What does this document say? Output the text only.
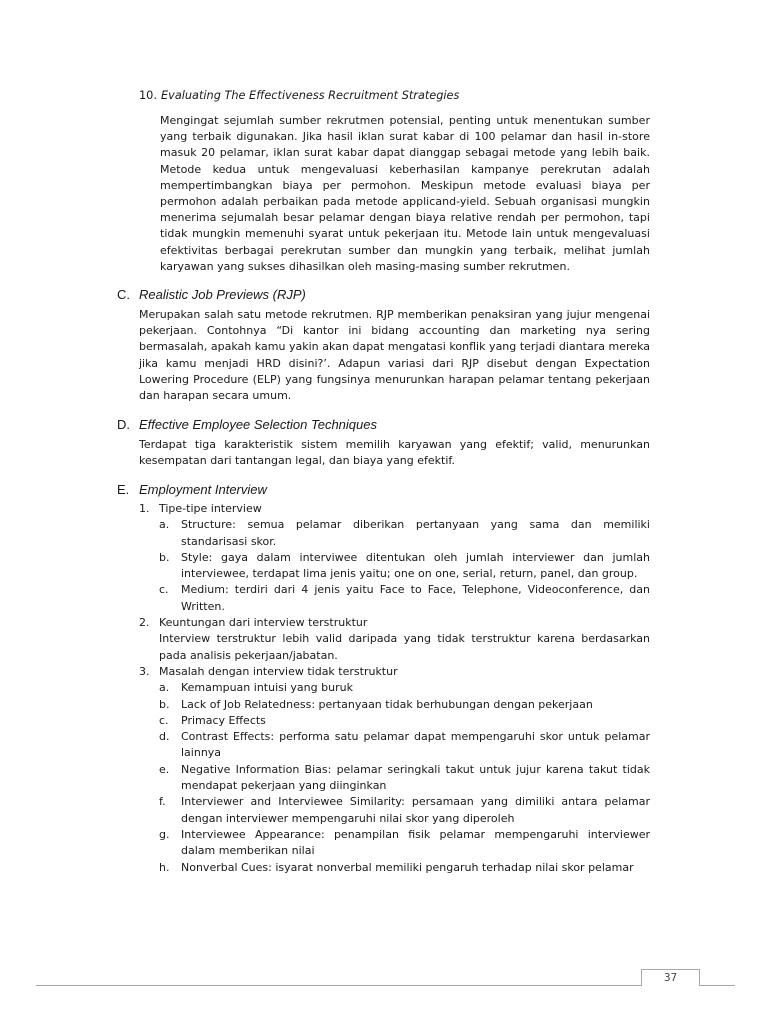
10. Evaluating The Effectiveness Recruitment Strategies
Mengingat sejumlah sumber rekrutmen potensial, penting untuk menentukan sumber yang terbaik digunakan. Jika hasil iklan surat kabar di 100 pelamar dan hasil in-store masuk 20 pelamar, iklan surat kabar dapat dianggap sebagai metode yang lebih baik. Metode kedua untuk mengevaluasi keberhasilan kampanye perekrutan adalah mempertimbangkan biaya per permohon. Meskipun metode evaluasi biaya per permohon adalah perbaikan pada metode applicand-yield. Sebuah organisasi mungkin menerima sejumalah besar pelamar dengan biaya relative rendah per permohon, tapi tidak mungkin memenuhi syarat untuk pekerjaan itu. Metode lain untuk mengevaluasi efektivitas berbagai perekrutan sumber dan mungkin yang terbaik, melihat jumlah karyawan yang sukses dihasilkan oleh masing-masing sumber rekrutmen.
C. Realistic Job Previews (RJP)
Merupakan salah satu metode rekrutmen. RJP memberikan penaksiran yang jujur mengenai pekerjaan. Contohnya “Di kantor ini bidang accounting dan marketing nya sering bermasalah, apakah kamu yakin akan dapat mengatasi konflik yang terjadi diantara mereka jika kamu menjadi HRD disini?’. Adapun variasi dari RJP disebut dengan Expectation Lowering Procedure (ELP) yang fungsinya menurunkan harapan pelamar tentang pekerjaan dan harapan secara umum.
D. Effective Employee Selection Techniques
Terdapat tiga karakteristik sistem memilih karyawan yang efektif; valid, menurunkan kesempatan dari tantangan legal, dan biaya yang efektif.
E. Employment Interview
1. Tipe-tipe interview
a. Structure: semua pelamar diberikan pertanyaan yang sama dan memiliki standarisasi skor.
b. Style: gaya dalam interviwee ditentukan oleh jumlah interviewer dan jumlah interviewee, terdapat lima jenis yaitu; one on one, serial, return, panel, dan group.
c. Medium: terdiri dari 4 jenis yaitu Face to Face, Telephone, Videoconference, dan Written.
2. Keuntungan dari interview terstruktur
Interview terstruktur lebih valid daripada yang tidak terstruktur karena berdasarkan pada analisis pekerjaan/jabatan.
3. Masalah dengan interview tidak terstruktur
a. Kemampuan intuisi yang buruk
b. Lack of Job Relatedness: pertanyaan tidak berhubungan dengan pekerjaan
c. Primacy Effects
d. Contrast Effects: performa satu pelamar dapat mempengaruhi skor untuk pelamar lainnya
e. Negative Information Bias: pelamar seringkali takut untuk jujur karena takut tidak mendapat pekerjaan yang diinginkan
f. Interviewer and Interviewee Similarity: persamaan yang dimiliki antara pelamar dengan interviewer mempengaruhi nilai skor yang diperoleh
g. Interviewee Appearance: penampilan fisik pelamar mempengaruhi interviewer dalam memberikan nilai
h. Nonverbal Cues: isyarat nonverbal memiliki pengaruh terhadap nilai skor pelamar
37
